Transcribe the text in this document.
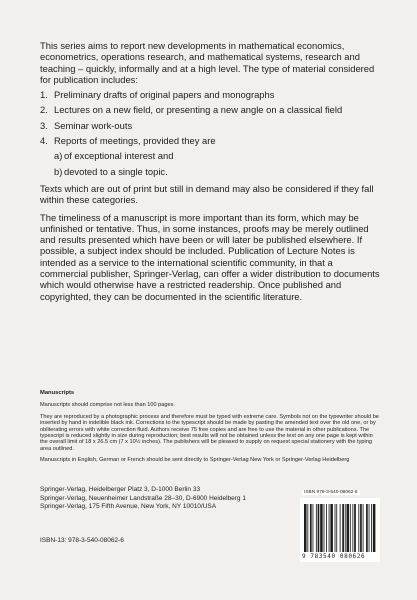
This series aims to report new developments in mathematical economics, econometrics, operations research, and mathematical systems, research and teaching – quickly, informally and at a high level. The type of material considered for publication includes:

1. Preliminary drafts of original papers and monographs
2. Lectures on a new field, or presenting a new angle on a classical field
3. Seminar work-outs
4. Reports of meetings, provided they are
a) of exceptional interest and
b) devoted to a single topic.

Texts which are out of print but still in demand may also be considered if they fall within these categories.

The timeliness of a manuscript is more important than its form, which may be unfinished or tentative. Thus, in some instances, proofs may be merely outlined and results presented which have been or will later be published elsewhere. If possible, a subject index should be included. Publication of Lecture Notes is intended as a service to the international scientific community, in that a commercial publisher, Springer-Verlag, can offer a wider distribution to documents which would otherwise have a restricted readership. Once published and copyrighted, they can be documented in the scientific literature.

Manuscripts

Manuscripts should comprise not less than 100 pages.

They are reproduced by a photographic process and therefore must be typed with extreme care. Symbols not on the typewriter should be inserted by hand in indelible black ink. Corrections to the typescript should be made by pasting the amended text over the old one, or by obliterating errors with white correction fluid. Authors receive 75 free copies and are free to use the material in other publications. The typescript is reduced slightly in size during reproduction; best results will not be obtained unless the text on any one page is kept within the overall limit of 18 x 26.5 cm (7 x 10½ inches). The publishers will be pleased to supply on request special stationery with the typing area outlined.

Manuscripts in English, German or French should be sent directly to Springer-Verlag New York or Springer-Verlag Heidelberg

Springer-Verlag, Heidelberger Platz 3, D-1000 Berlin 33
Springer-Verlag, Neuenheimer Landstraße 28–30, D-6900 Heidelberg 1
Springer-Verlag, 175 Fifth Avenue, New York, NY 10010/USA
ISBN-13: 978-3-540-08062-6
ISBN 978-3-540-08062-6
9 783540 080626
